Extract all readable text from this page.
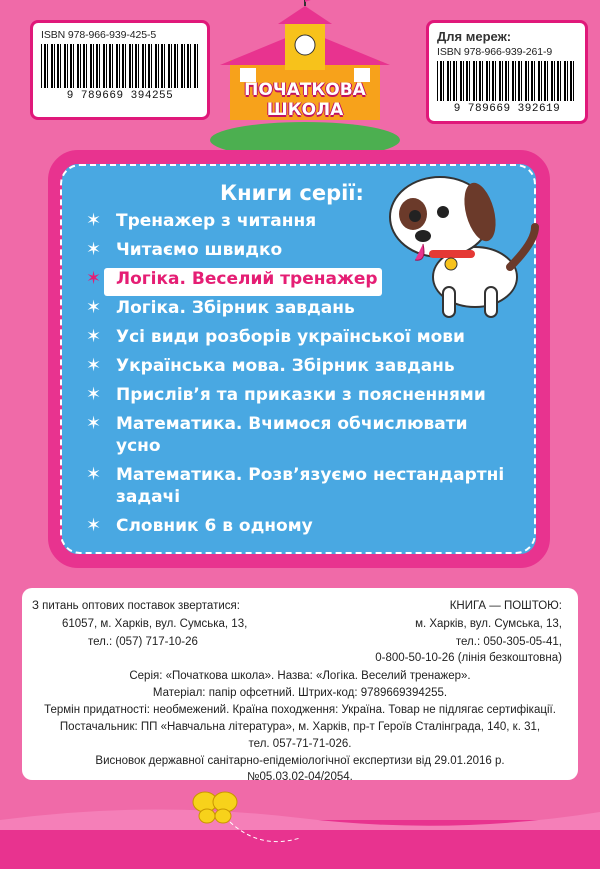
ISBN 978-966-939-425-5
9 789669 394255
Для мереж:
ISBN 978-966-939-261-9
9 789669 392619
ПОЧАТКОВА
ШКОЛА
Книги серії:
✶ Тренажер з читання
✶ Читаємо швидко
✶ Логіка. Веселий тренажер
✶ Логіка. Збірник завдань
✶ Усі види розборів української мови
✶ Українська мова. Збірник завдань
✶ Прислів’я та приказки з поясненнями
✶ Математика. Вчимося обчислювати усно
✶ Математика. Розв’язуємо нестандартні задачі
✶ Словник 6 в одному
З питань оптових поставок звертатися:
61057, м. Харків, вул. Сумська, 13,
тел.: (057) 717-10-26
КНИГА — ПОШТОЮ:
м. Харків, вул. Сумська, 13,
тел.: 050-305-05-41,
0-800-50-10-26 (лінія безкоштовна)
Серія: «Початкова школа». Назва: «Логіка. Веселий тренажер».
Матеріал: папір офсетний. Штрих-код: 9789669394255.
Термін придатності: необмежений. Країна походження: Україна. Товар не підлягає сертифікації.
Постачальник: ПП «Навчальна література», м. Харків, пр-т Героїв Сталінграда, 140, к. 31,
тел. 057-71-71-026.
Висновок державної санітарно-епідеміологічної експертизи від 29.01.2016 р.
№05.03.02-04/2054.
